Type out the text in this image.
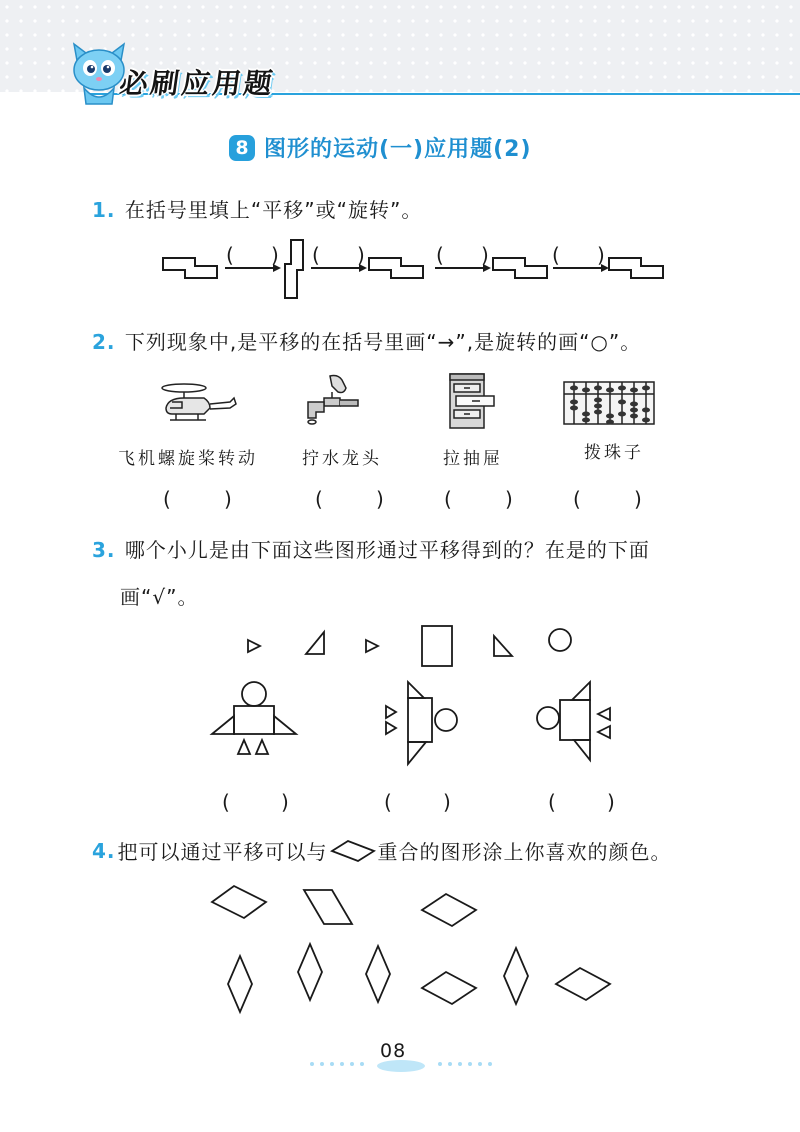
必
刷
应
用
题
8 图形的运动(一)应用题(2)
1. 在括号里填上“平移”或“旋转”。
( ) ( )	( )	( )
2. 下列现象中,是平移的在括号里画“→”,是旋转的画“○”。
飞机螺旋桨转动	拧水龙头	拉抽屉	拨珠子
(	)	(	)	(	)	(	)
3. 哪个小儿是由下面这些图形通过平移得到的？在是的下面
画“√”。
(	)	(	)	(	)
4. 把可以通过平移可以与	重合的图形涂上你喜欢的颜色。
08
